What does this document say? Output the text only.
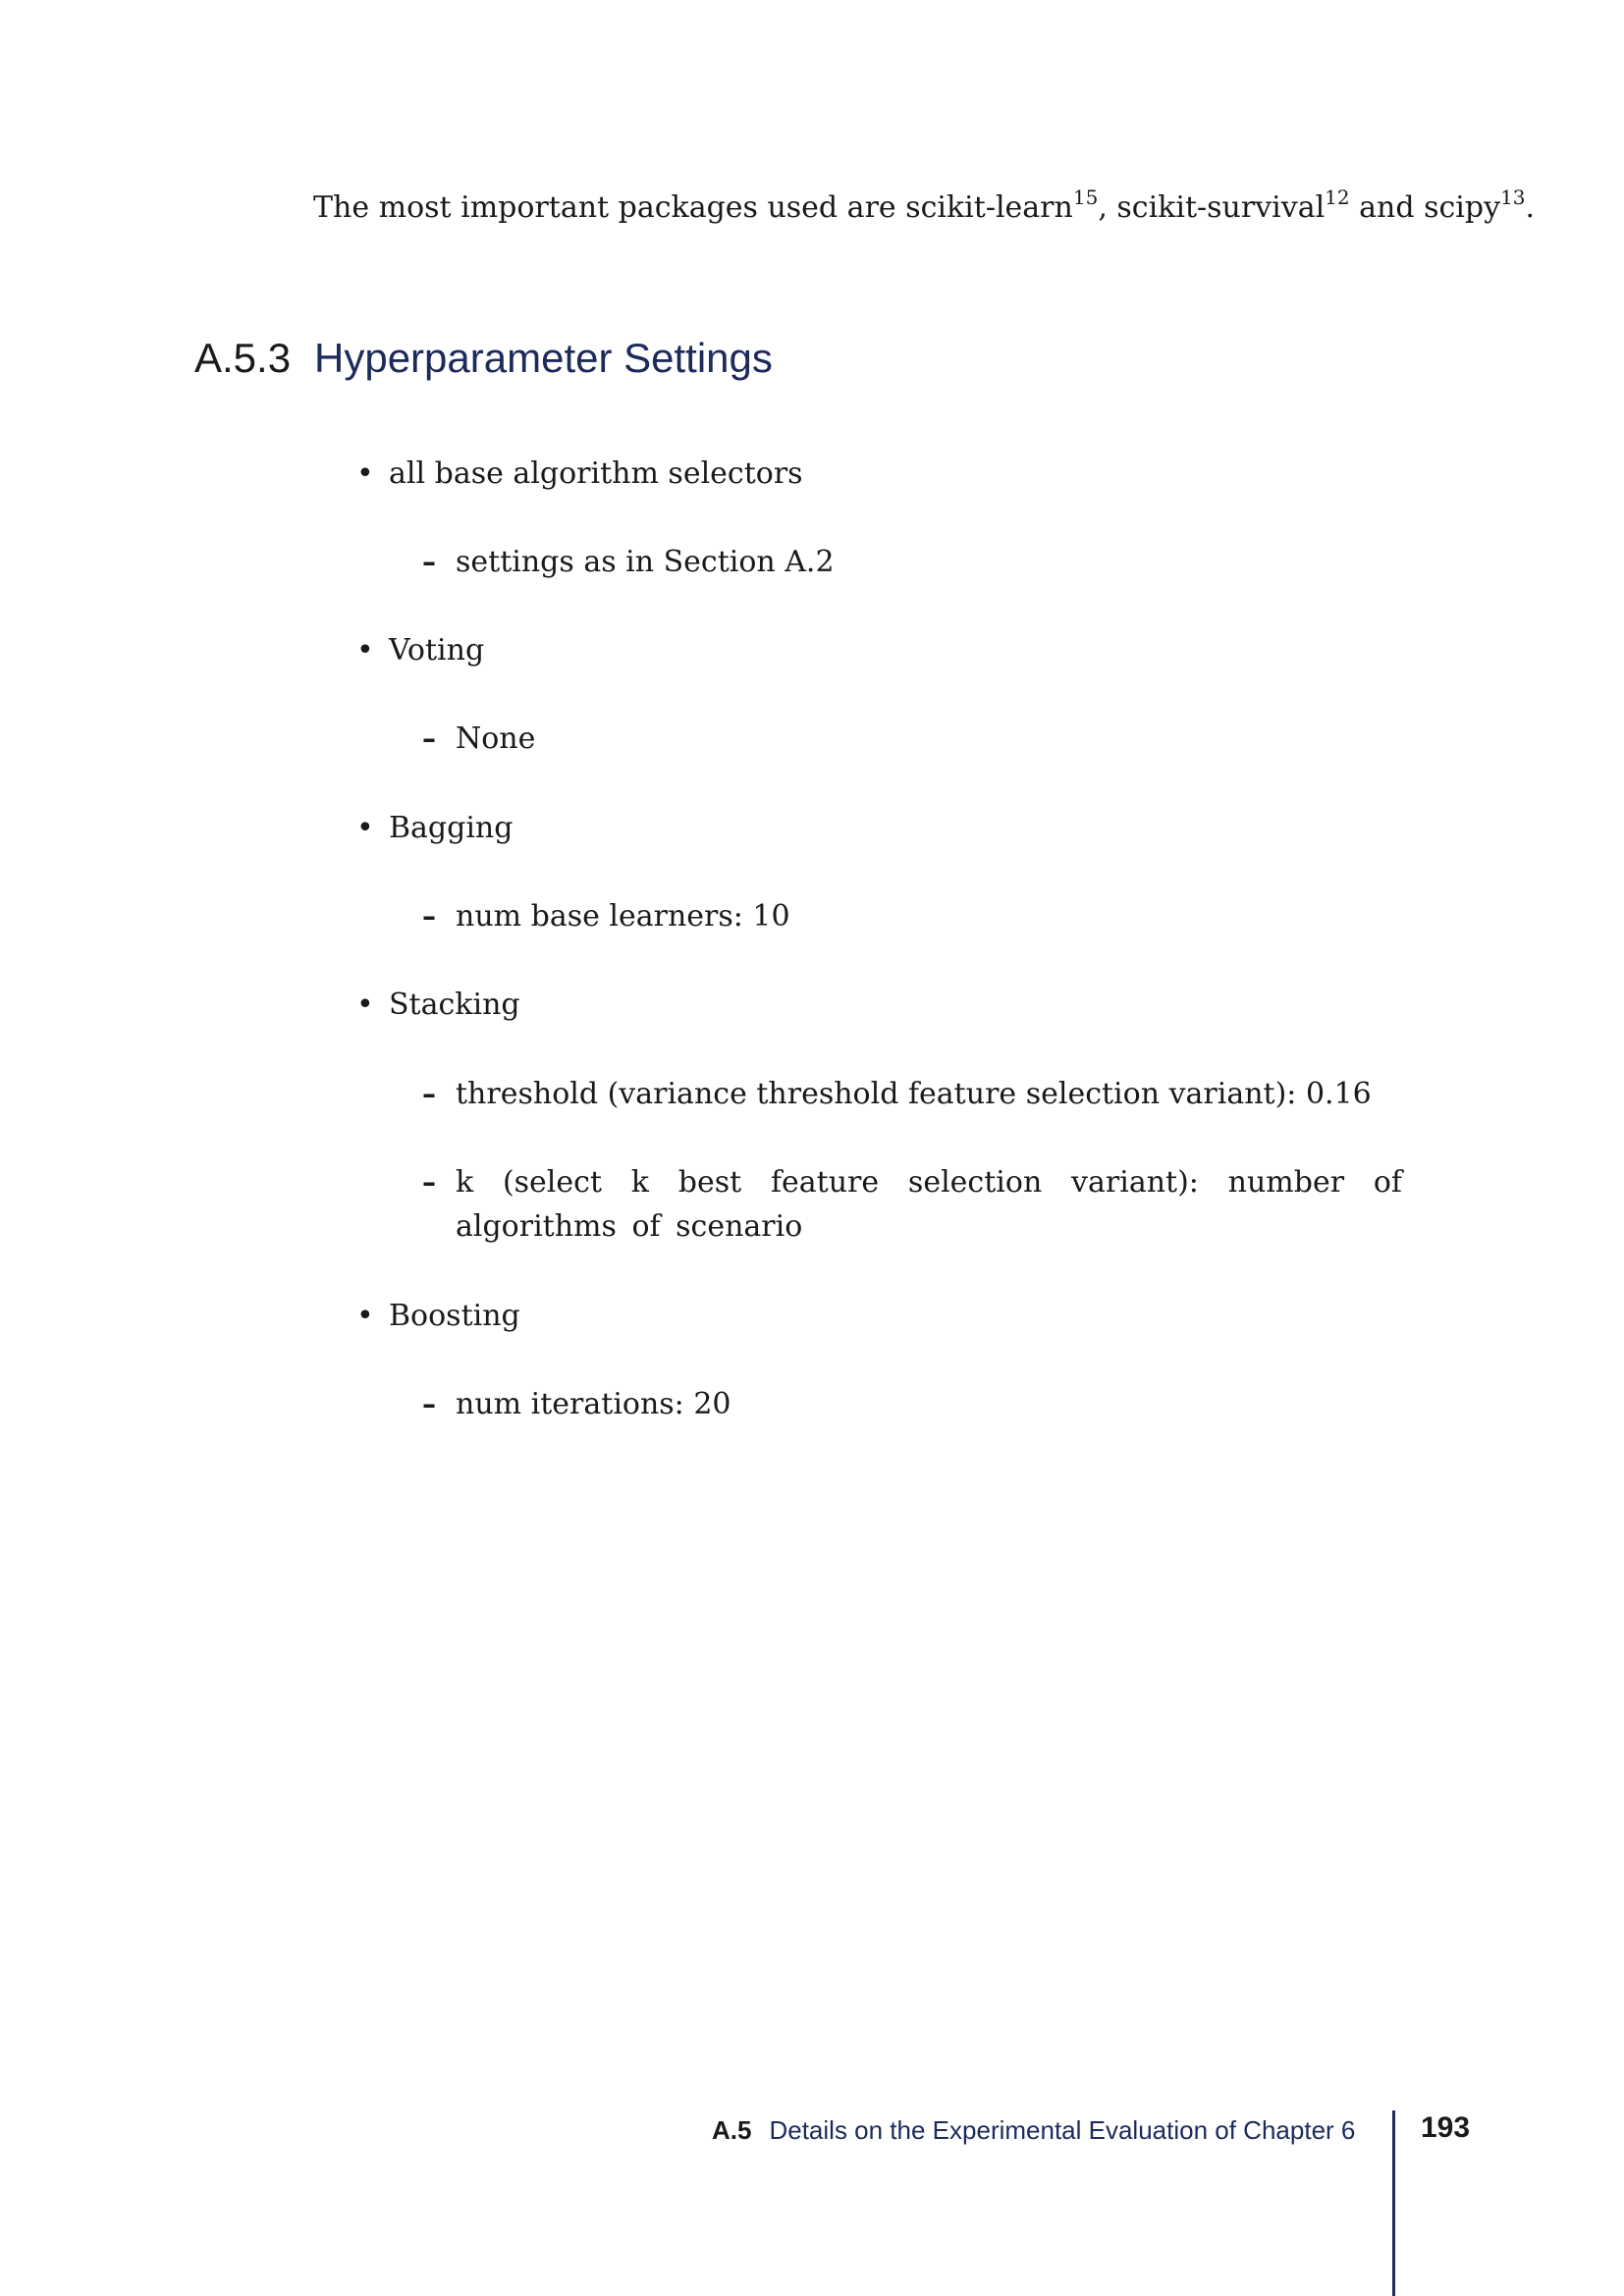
The most important packages used are scikit-learn$^{15}$, scikit-survival$^{12}$ and scipy$^{13}$.
A.5.3 Hyperparameter Settings
• all base algorithm selectors
– settings as in Section A.2
• Voting
– None
• Bagging
– num base learners: 10
• Stacking
– threshold (variance threshold feature selection variant): 0.16
– k (select k best feature selection variant): number of algorithms of scenario
• Boosting
– num iterations: 20
A.5 Details on the Experimental Evaluation of Chapter 6 193
